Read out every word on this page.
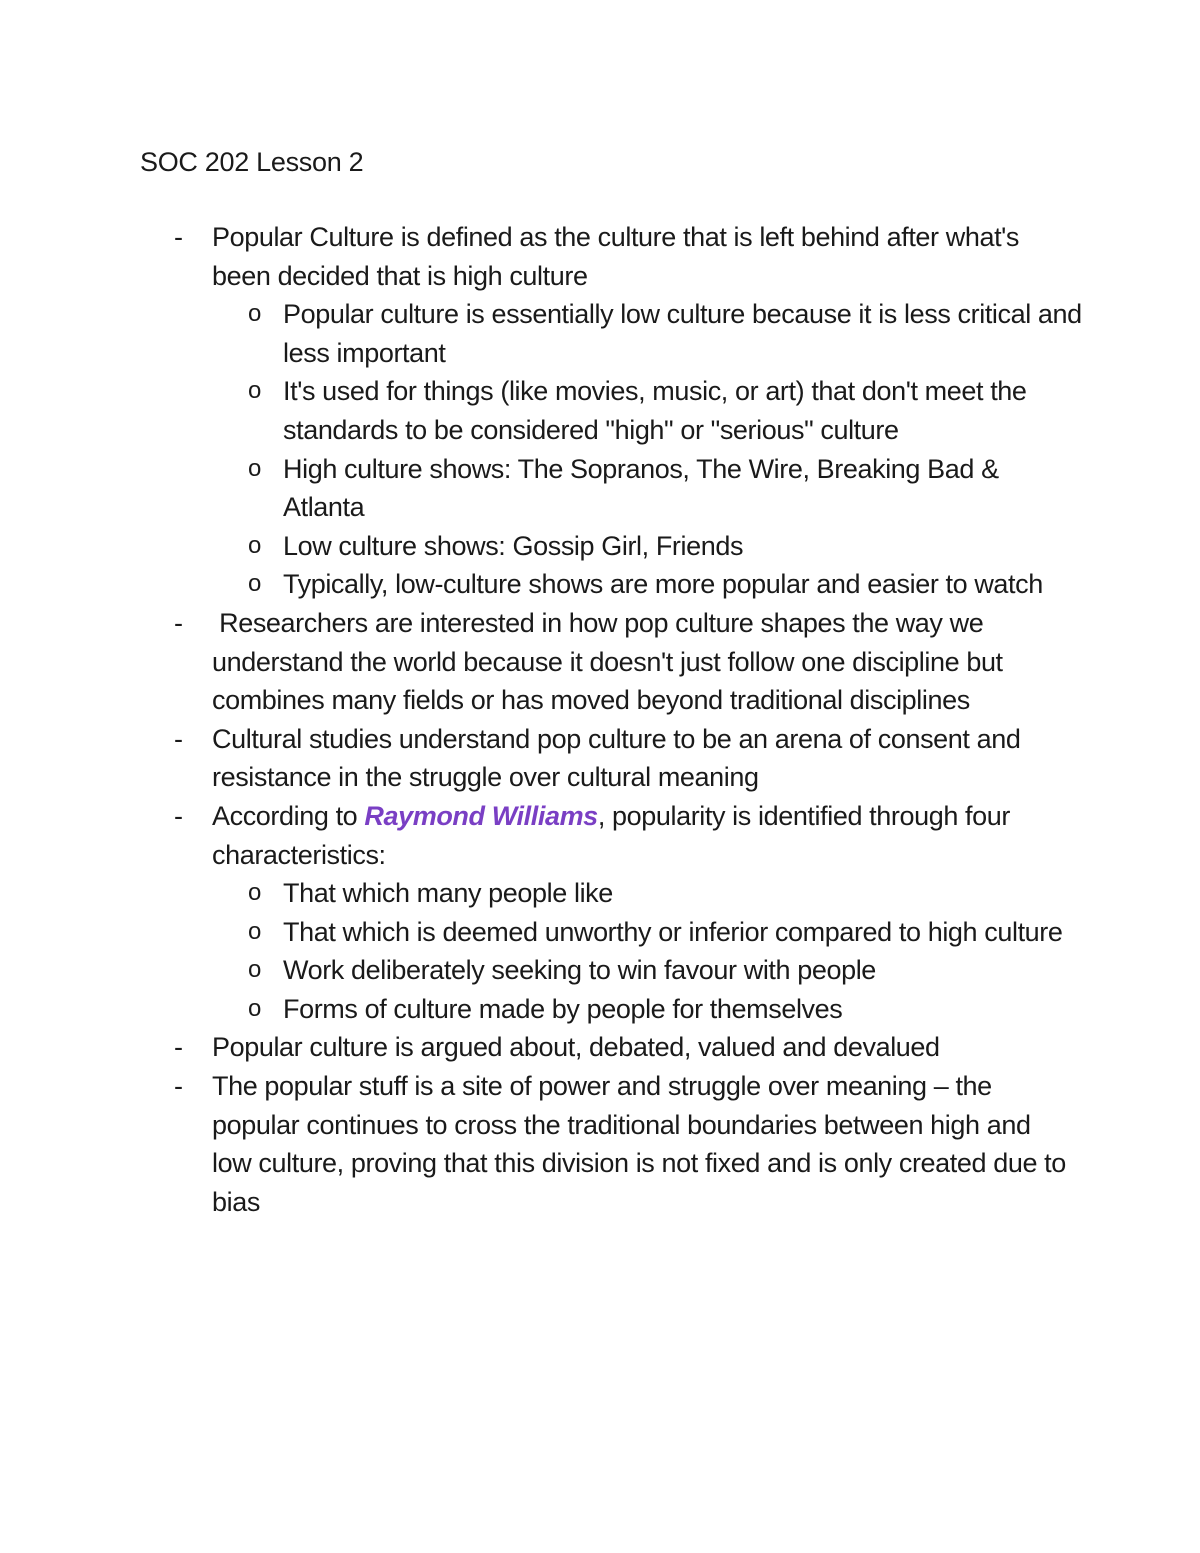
SOC 202 Lesson 2
- Popular Culture is defined as the culture that is left behind after what's been decided that is high culture
o Popular culture is essentially low culture because it is less critical and less important
o It's used for things (like movies, music, or art) that don't meet the standards to be considered "high" or "serious" culture
o High culture shows: The Sopranos, The Wire, Breaking Bad & Atlanta
o Low culture shows: Gossip Girl, Friends
o Typically, low-culture shows are more popular and easier to watch
- Researchers are interested in how pop culture shapes the way we understand the world because it doesn't just follow one discipline but combines many fields or has moved beyond traditional disciplines
- Cultural studies understand pop culture to be an arena of consent and resistance in the struggle over cultural meaning
- According to Raymond Williams, popularity is identified through four characteristics:
o That which many people like
o That which is deemed unworthy or inferior compared to high culture
o Work deliberately seeking to win favour with people
o Forms of culture made by people for themselves
- Popular culture is argued about, debated, valued and devalued
- The popular stuff is a site of power and struggle over meaning – the popular continues to cross the traditional boundaries between high and low culture, proving that this division is not fixed and is only created due to bias
